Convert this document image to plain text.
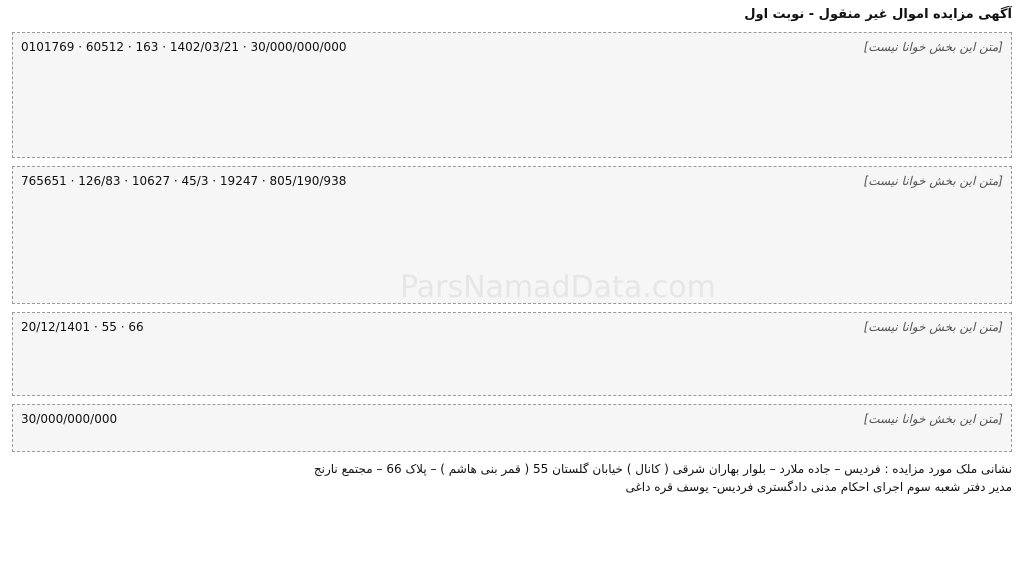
ParsNamadData.com
آگهی مزایده اموال غیر منقول - نوبت اول
[متن این بخش خوانا نیست]
0101769 · 60512 · 163 · 1402/03/21 · 30/000/000/000
[متن این بخش خوانا نیست]
765651 · 126/83 · 10627 · 45/3 · 19247 · 805/190/938
[متن این بخش خوانا نیست]
20/12/1401 · 55 · 66
[متن این بخش خوانا نیست]
30/000/000/000

نشانی ملک مورد مزایده : فردیس – جاده ملارد – بلوار بهاران شرقی ( کانال ) خیابان گلستان 55 ( قمر بنی هاشم ) – پلاک 66 – مجتمع نارنج

مدیر دفتر شعبه سوم اجرای احکام مدنی دادگستری فردیس- یوسف قره داغی
